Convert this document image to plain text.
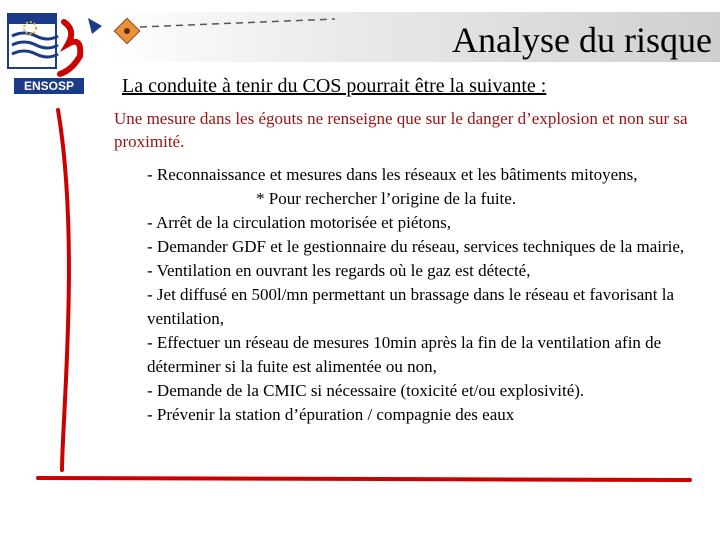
Analyse du risque
ENSOSP La conduite à tenir du COS pourrait être la suivante :

Une mesure dans les égouts ne renseigne que sur le danger d’explosion et non sur sa proximité.

- Reconnaissance et mesures dans les réseaux et les bâtiments mitoyens,

* Pour rechercher l’origine de la fuite.

- Arrêt de la circulation motorisée et piétons,

- Demander GDF et le gestionnaire du réseau, services techniques de la mairie,

- Ventilation en ouvrant les regards où le gaz est détecté,

- Jet diffusé en 500l/mn permettant un brassage dans le réseau et favorisant la ventilation,

- Effectuer un réseau de mesures 10min après la fin de la ventilation afin de déterminer si la fuite est alimentée ou non,

- Demande de la CMIC si nécessaire (toxicité et/ou explosivité).

- Prévenir la station d’épuration / compagnie des eaux
